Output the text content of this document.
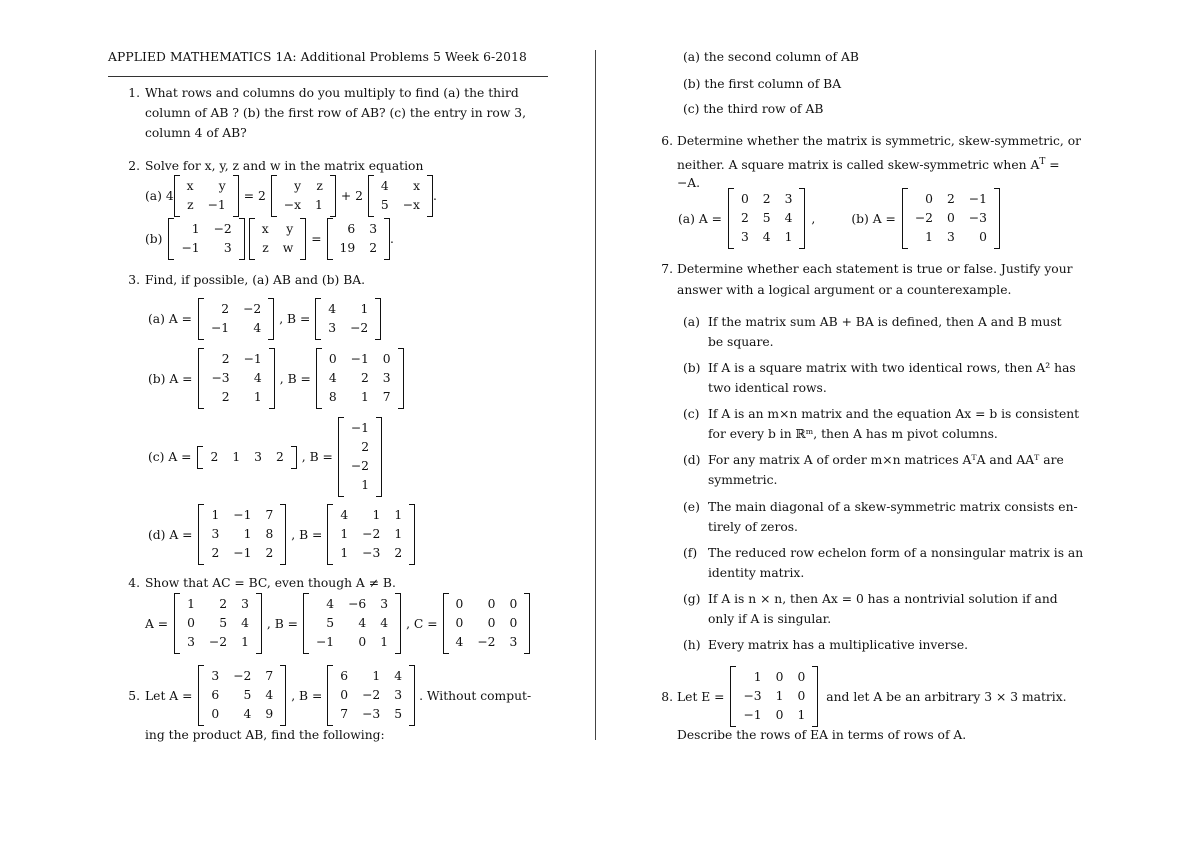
APPLIED MATHEMATICS 1A: Additional Problems 5 Week 6-2018
1. What rows and columns do you multiply to find (a) the third
column of AB ? (b) the first row of AB? (c) the entry in row 3,
column 4 of AB?
2. Solve for x, y, z and w in the matrix equation
(a) 4
x	y
z	−1
= 2
y	z
−x	1
+ 2
4	x
5	−x
.
(b)
1	−2
−1	3
x	y
z	w
=
6	3
19	2
.
3. Find, if possible, (a) AB and (b) BA.
(a) A =
2	−2
−1	4
, B =
4	1
3	−2
(b) A =
2	−1
−3	4
2	1
, B =
0	−1	0
4	2	3
8	1	7
(c) A =	2	1	3	2	, B =
−1
2
−2
1
(d) A =
1	−1	7
3	1	8
2	−1	2
, B =
4	1	1
1	−2	1
1	−3	2
4. Show that AC = BC, even though A ≠ B.
A =
1	2	3
0	5	4
3	−2	1
, B =
4	−6	3
5	4	4
−1	0	1
, C =
0	0	0
0	0	0
4	−2	3
5. Let A =
3	−2	7
6	5	4
0	4	9
, B =
6	1	4
0	−2	3
7	−3	5
. Without comput-
ing the product AB, find the following:
(a) the second column of AB
(b) the first column of BA
(c) the third row of AB
6. Determine whether the matrix is symmetric, skew-symmetric, or
neither. A square matrix is called skew-symmetric when $A^T$ =
−A.
(a) A =
0	2	3
2	5	4
3	4	1
,	(b) A =
0	2	−1
−2	0	−3
1	3	0
7. Determine whether each statement is true or false. Justify your
answer with a logical argument or a counterexample.
(a) If the matrix sum AB + BA is defined, then A and B must
be square.
(b) If A is a square matrix with two identical rows, then A² has
two identical rows.
(c) If A is an m×n matrix and the equation Ax = b is consistent
for every b in ℝᵐ, then A has m pivot columns.
(d) For any matrix A of order m×n matrices AᵀA and AAᵀ are
symmetric.
(e) The main diagonal of a skew-symmetric matrix consists en-
tirely of zeros.
(f) The reduced row echelon form of a nonsingular matrix is an
identity matrix.
(g) If A is n × n, then Ax = 0 has a nontrivial solution if and
only if A is singular.
(h) Every matrix has a multiplicative inverse.
8. Let E =
1	0	0
−3	1	0
−1	0	1
and let A be an arbitrary 3 × 3 matrix.
Describe the rows of EA in terms of rows of A.
